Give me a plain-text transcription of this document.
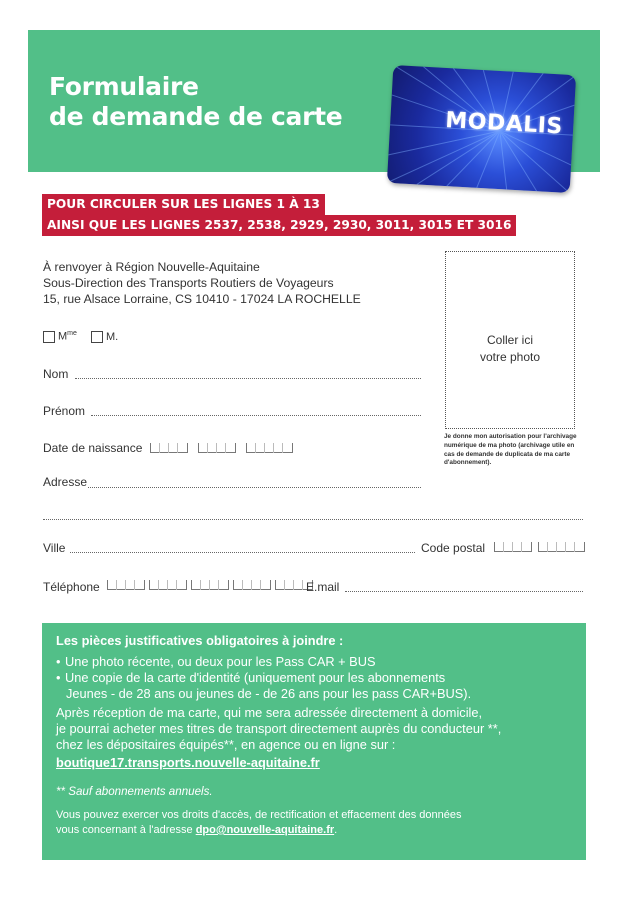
Formulaire
de demande de carte	MODALIS
POUR CIRCULER SUR LES LIGNES 1 À 13
AINSI QUE LES LIGNES 2537, 2538, 2929, 2930, 3011, 3015 ET 3016
À renvoyer à Région Nouvelle-Aquitaine
Sous-Direction des Transports Routiers de Voyageurs
15, rue Alsace Lorraine, CS 10410 - 17024 LA ROCHELLE
Coller ici
votre photo
Je donne mon autorisation pour l'archivage numérique de ma photo (archivage utile en cas de demande de duplicata de ma carte d'abonnement).
$M^{me}$	M.
Nom
Prénom
Date de naissance
Adresse
Ville	Code postal
Téléphone	E.mail
Les pièces justificatives obligatoires à joindre :
• Une photo récente, ou deux pour les Pass CAR + BUS
• Une copie de la carte d'identité (uniquement pour les abonnements
Jeunes - de 28 ans ou jeunes de - de 26 ans pour les pass CAR+BUS).
Après réception de ma carte, qui me sera adressée directement à domicile,
je pourrai acheter mes titres de transport directement auprès du conducteur **,
chez les dépositaires équipés**, en agence ou en ligne sur :
boutique17.transports.nouvelle-aquitaine.fr
** Sauf abonnements annuels.
Vous pouvez exercer vos droits d'accès, de rectification et effacement des données
vous concernant à l'adresse dpo@nouvelle-aquitaine.fr.
